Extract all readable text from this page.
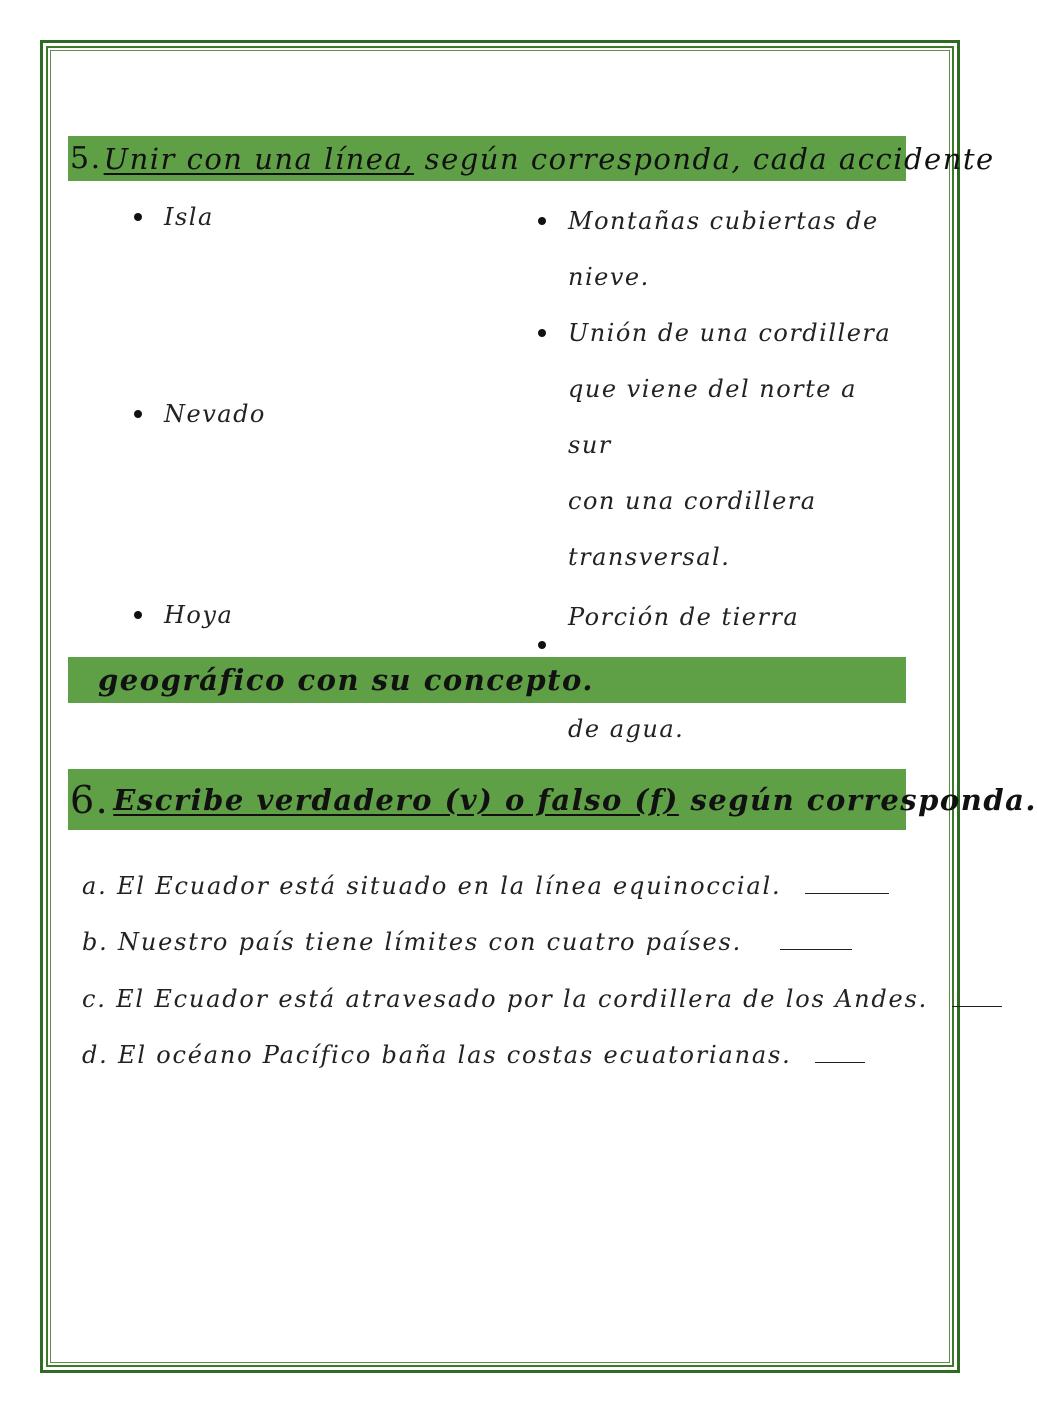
5. Unir con una línea, según corresponda, cada accidente
Isla
Nevado
Hoya
Montañas cubiertas de
nieve.
Unión de una cordillera
que viene del norte a sur
con una cordillera
transversal.
Porción de tierra
de agua.
geográfico con su concepto.
6. Escribe verdadero (v) o falso (f) según corresponda.
a. El Ecuador está situado en la línea equinoccial.
b. Nuestro país tiene límites con cuatro países.
c. El Ecuador está atravesado por la cordillera de los Andes.
d. El océano Pacífico baña las costas ecuatorianas.
